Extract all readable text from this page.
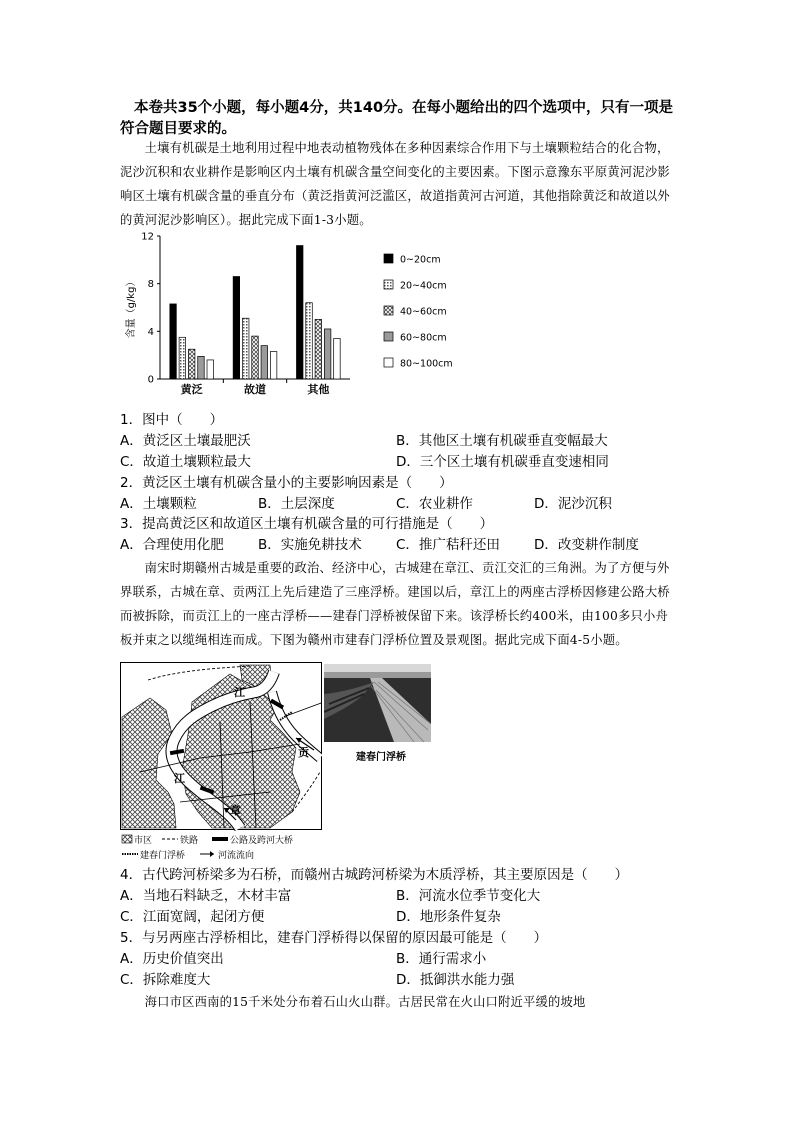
本卷共35个小题，每小题4分，共140分。在每小题给出的四个选项中，只有一项是符合题目要求的。
土壤有机碳是土地利用过程中地表动植物残体在多种因素综合作用下与土壤颗粒结合的化合物，泥沙沉积和农业耕作是影响区内土壤有机碳含量空间变化的主要因素。下图示意豫东平原黄河泥沙影响区土壤有机碳含量的垂直分布（黄泛指黄河泛滥区，故道指黄河古河道，其他指除黄泛和故道以外的黄河泥沙影响区）。据此完成下面1-3小题。
0
4
8
12
含量（g/kg）
黄泛	故道	其他
0~20cm
20~40cm
40~60cm
60~80cm
80~100cm
1．图中（　　）
A．黄泛区土壤最肥沃	B．其他区土壤有机碳垂直变幅最大
C．故道土壤颗粒最大	D．三个区土壤有机碳垂直变速相同
2．黄泛区土壤有机碳含量小的主要影响因素是（　　）
A．土壤颗粒	B．土层深度	C．农业耕作	D．泥沙沉积
3．提高黄泛区和故道区土壤有机碳含量的可行措施是（　　）
A．合理使用化肥	B．实施免耕技术	C．推广秸秆还田	D．改变耕作制度
南宋时期赣州古城是重要的政治、经济中心，古城建在章江、贡江交汇的三角洲。为了方便与外界联系，古城在章、贡两江上先后建造了三座浮桥。建国以后，章江上的两座古浮桥因修建公路大桥而被拆除，而贡江上的一座古浮桥——建春门浮桥被保留下来。该浮桥长约400米，由100多只小舟板并束之以缆绳相连而成。下图为赣州市建春门浮桥位置及景观图。据此完成下面4-5小题。
江
江
贡
章
市区	铁路	公路及跨河大桥
建春门浮桥	河流流向
建春门浮桥
4．古代跨河桥梁多为石桥，而赣州古城跨河桥梁为木质浮桥，其主要原因是（　　）
A．当地石料缺乏，木材丰富	B．河流水位季节变化大
C．江面宽阔，起闭方便	D．地形条件复杂
5．与另两座古浮桥相比，建春门浮桥得以保留的原因最可能是（　　）
A．历史价值突出	B．通行需求小
C．拆除难度大	D．抵御洪水能力强
海口市区西南的15千米处分布着石山火山群。古居民常在火山口附近平缓的坡地
